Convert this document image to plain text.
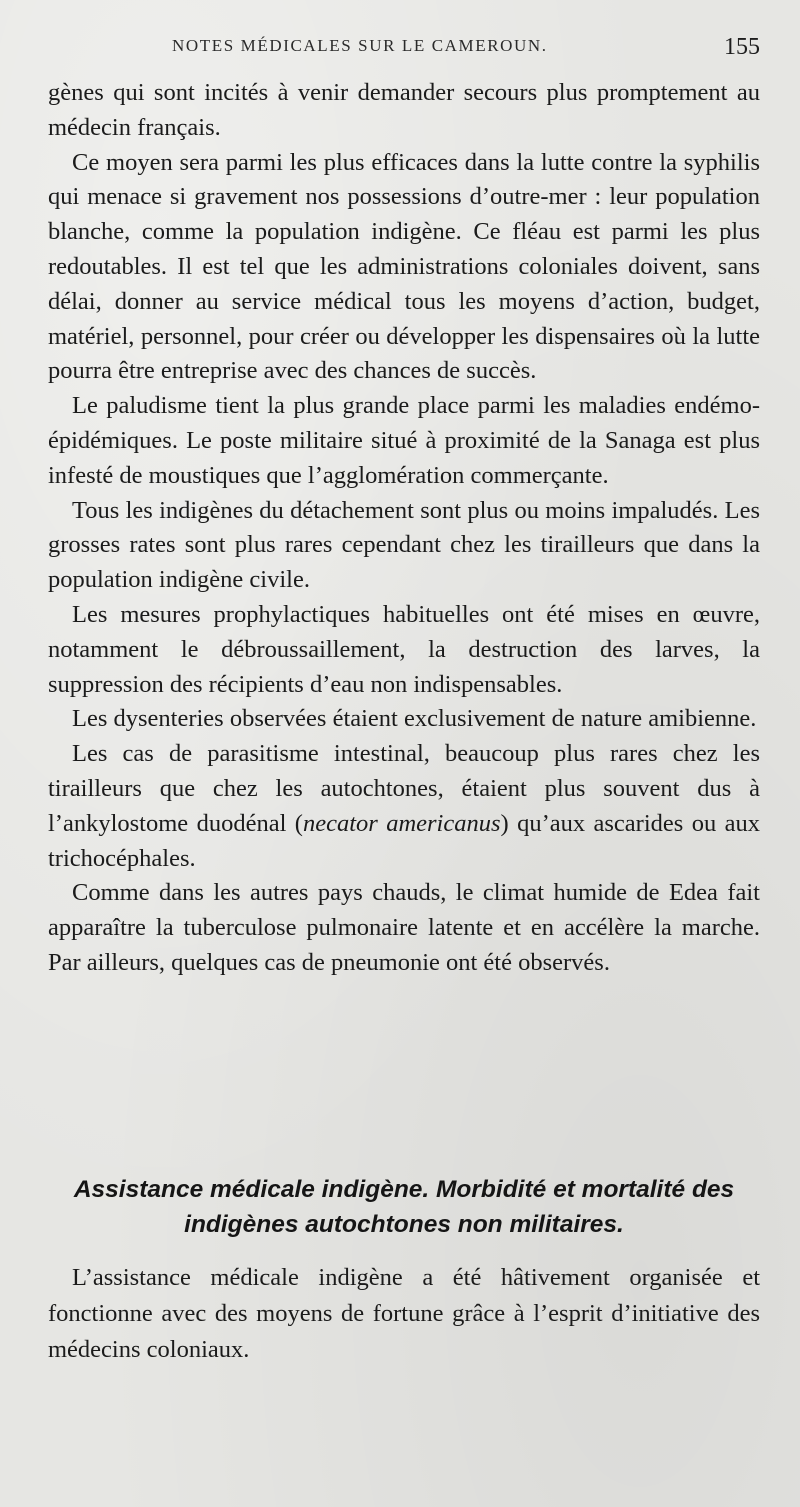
NOTES MÉDICALES SUR LE CAMEROUN.	155

gènes qui sont incités à venir demander secours plus promptement au médecin français.

Ce moyen sera parmi les plus efficaces dans la lutte contre la syphilis qui menace si gravement nos possessions d’outre-mer : leur population blanche, comme la population indigène. Ce fléau est parmi les plus redoutables. Il est tel que les administrations coloniales doivent, sans délai, donner au service médical tous les moyens d’action, budget, matériel, personnel, pour créer ou développer les dispensaires où la lutte pourra être entreprise avec des chances de succès.

Le paludisme tient la plus grande place parmi les maladies endémo-épidémiques. Le poste militaire situé à proximité de la Sanaga est plus infesté de moustiques que l’agglomération commerçante.

Tous les indigènes du détachement sont plus ou moins impaludés. Les grosses rates sont plus rares cependant chez les tirailleurs que dans la population indigène civile.

Les mesures prophylactiques habituelles ont été mises en œuvre, notamment le débroussaillement, la destruction des larves, la suppression des récipients d’eau non indispensables.

Les dysenteries observées étaient exclusivement de nature amibienne.

Les cas de parasitisme intestinal, beaucoup plus rares chez les tirailleurs que chez les autochtones, étaient plus souvent dus à l’ankylostome duodénal (necator americanus) qu’aux ascarides ou aux trichocéphales.

Comme dans les autres pays chauds, le climat humide de Edea fait apparaître la tuberculose pulmonaire latente et en accélère la marche. Par ailleurs, quelques cas de pneumonie ont été observés.

Assistance médicale indigène. Morbidité et mortalité des indigènes autochtones non militaires.

L’assistance médicale indigène a été hâtivement organisée et fonctionne avec des moyens de fortune grâce à l’esprit d’initiative des médecins coloniaux.
